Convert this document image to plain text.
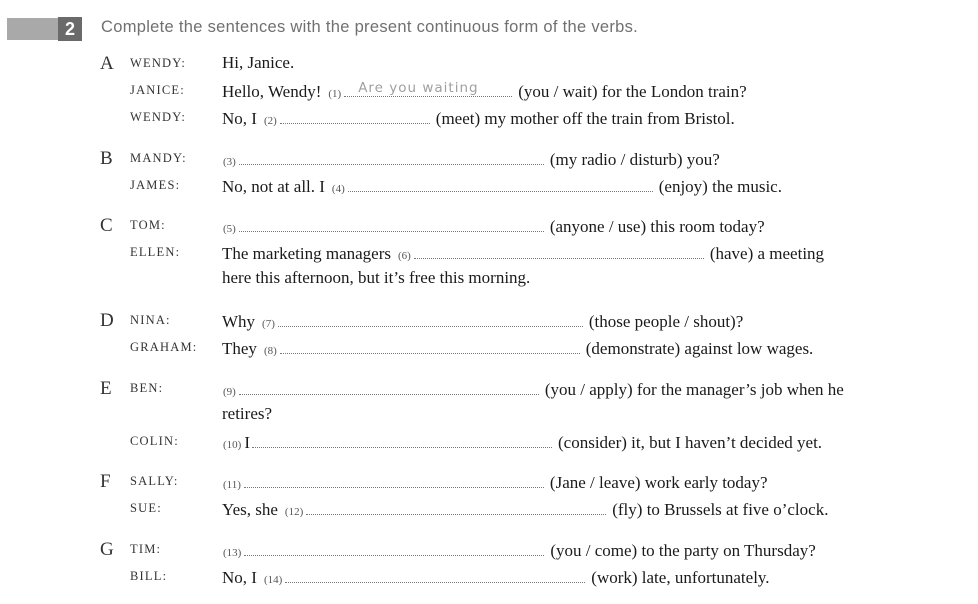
2	Complete the sentences with the present continuous form of the verbs.
A WENDY: Hi, Janice.
JANICE: Hello, Wendy! (1) Are you waiting (you / wait) for the London train?
WENDY: No, I (2)	(meet) my mother off the train from Bristol.
B MANDY:	(3)	(my radio / disturb) you?
JAMES: No, not at all. I (4)	(enjoy) the music.
C TOM:	(5)	(anyone / use) this room today?
ELLEN: The marketing managers (6)	(have) a meeting
here this afternoon, but it’s free this morning.
D NINA:	Why (7)	(those people / shout)?
GRAHAM: They (8)	(demonstrate) against low wages.
E BEN:	(9)	(you / apply) for the manager’s job when he
retires?
COLIN:	(10) I	(consider) it, but I haven’t decided yet.
F SALLY:	(11)	(Jane / leave) work early today?
SUE:	Yes, she (12)	(fly) to Brussels at five o’clock.
G TIM:	(13)	(you / come) to the party on Thursday?
BILL:	No, I (14)	(work) late, unfortunately.
